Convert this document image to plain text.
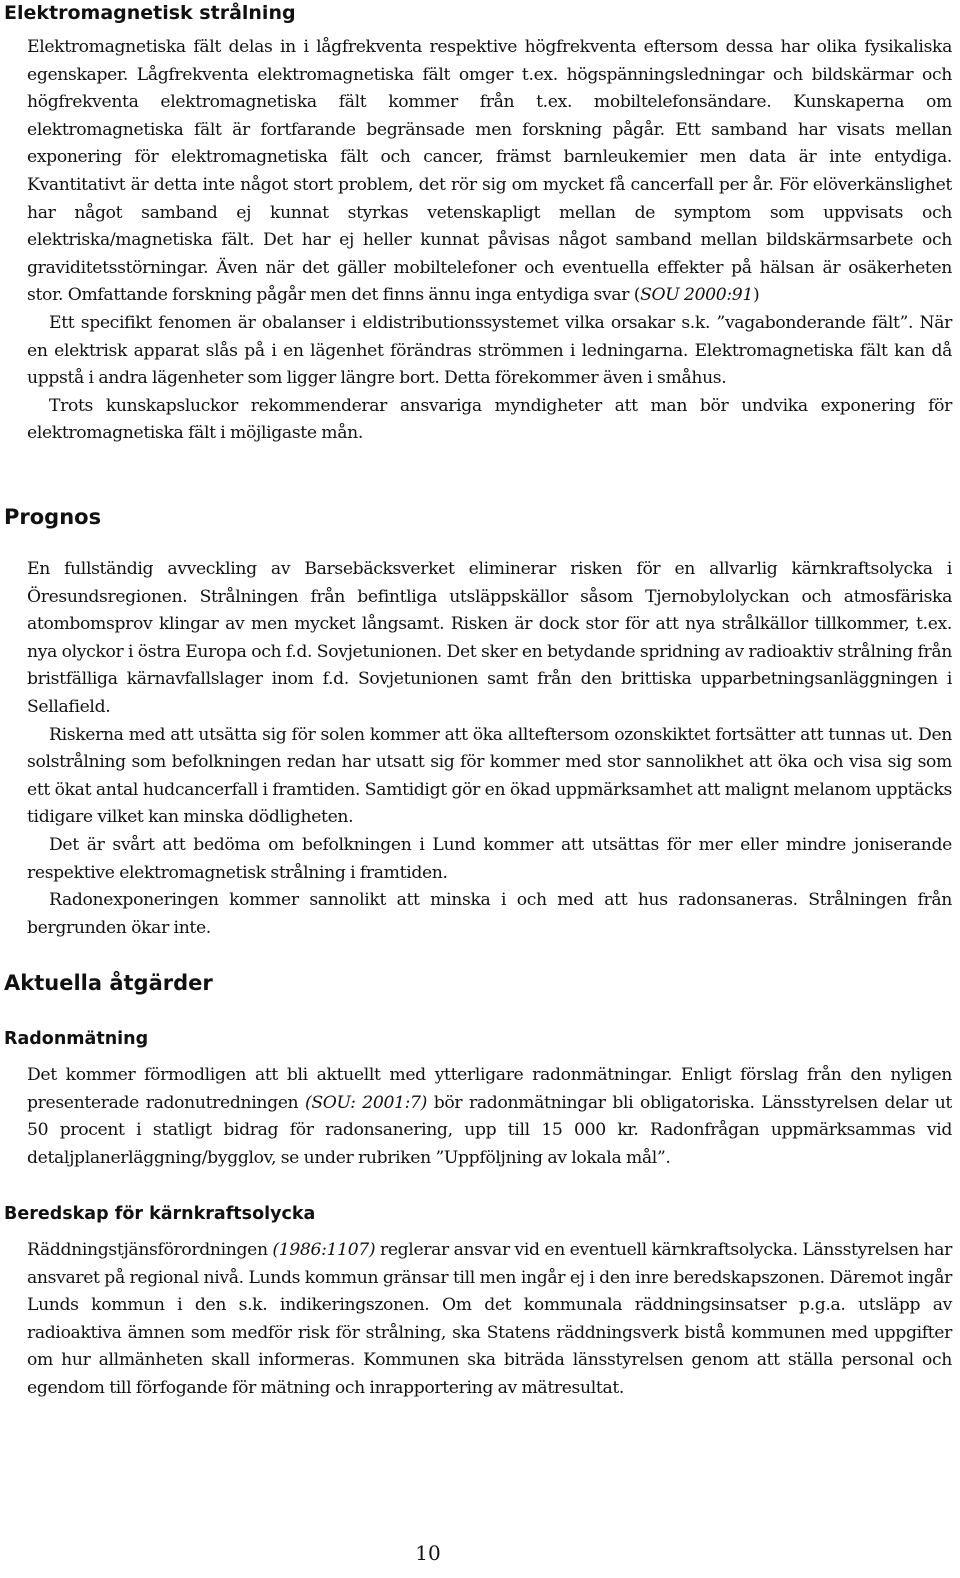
Elektromagnetisk strålning

Elektromagnetiska fält delas in i lågfrekventa respektive högfrekventa eftersom dessa har olika fysikaliska egenskaper. Lågfrekventa elektromagnetiska fält omger t.ex. högspänningsledningar och bildskärmar och högfrekventa elektromagnetiska fält kommer från t.ex. mobiltelefonsändare. Kunskaperna om elektromagnetiska fält är fortfarande begränsade men forskning pågår. Ett samband har visats mellan exponering för elektromagnetiska fält och cancer, främst barnleukemier men data är inte entydiga. Kvantitativt är detta inte något stort problem, det rör sig om mycket få cancerfall per år. För elöverkänslighet har något samband ej kunnat styrkas vetenskapligt mellan de symptom som uppvisats och elektriska/magnetiska fält. Det har ej heller kunnat påvisas något samband mellan bildskärmsarbete och graviditetsstörningar. Även när det gäller mobiltelefoner och eventuella effekter på hälsan är osäkerheten stor. Omfattande forskning pågår men det finns ännu inga entydiga svar (SOU 2000:91)

Ett specifikt fenomen är obalanser i eldistributionssystemet vilka orsakar s.k. ”vagabonderande fält”. När en elektrisk apparat slås på i en lägenhet förändras strömmen i ledningarna. Elektromagnetiska fält kan då uppstå i andra lägenheter som ligger längre bort. Detta förekommer även i småhus.

Trots kunskapsluckor rekommenderar ansvariga myndigheter att man bör undvika exponering för elektromagnetiska fält i möjligaste mån.

Prognos

En fullständig avveckling av Barsebäcksverket eliminerar risken för en allvarlig kärnkraftsolycka i Öresundsregionen. Strålningen från befintliga utsläppskällor såsom Tjernobylolyckan och atmosfäriska atombomsprov klingar av men mycket långsamt. Risken är dock stor för att nya strålkällor tillkommer, t.ex. nya olyckor i östra Europa och f.d. Sovjetunionen. Det sker en betydande spridning av radioaktiv strålning från bristfälliga kärnavfallslager inom f.d. Sovjetunionen samt från den brittiska upparbetningsanläggningen i Sellafield.

Riskerna med att utsätta sig för solen kommer att öka allteftersom ozonskiktet fortsätter att tunnas ut. Den solstrålning som befolkningen redan har utsatt sig för kommer med stor sannolikhet att öka och visa sig som ett ökat antal hudcancerfall i framtiden. Samtidigt gör en ökad uppmärksamhet att malignt melanom upptäcks tidigare vilket kan minska dödligheten.

Det är svårt att bedöma om befolkningen i Lund kommer att utsättas för mer eller mindre joniserande respektive elektromagnetisk strålning i framtiden.

Radonexponeringen kommer sannolikt att minska i och med att hus radonsaneras. Strålningen från bergrunden ökar inte.

Aktuella åtgärder
Radonmätning

Det kommer förmodligen att bli aktuellt med ytterligare radonmätningar. Enligt förslag från den nyligen presenterade radonutredningen (SOU: 2001:7) bör radonmätningar bli obligatoriska. Länsstyrelsen delar ut 50 procent i statligt bidrag för radonsanering, upp till 15 000 kr. Radonfrågan uppmärksammas vid detaljplanerläggning/bygglov, se under rubriken ”Uppföljning av lokala mål”.

Beredskap för kärnkraftsolycka

Räddningstjänsförordningen (1986:1107) reglerar ansvar vid en eventuell kärnkraftsolycka. Länsstyrelsen har ansvaret på regional nivå. Lunds kommun gränsar till men ingår ej i den inre beredskapszonen. Däremot ingår Lunds kommun i den s.k. indikeringszonen. Om det kommunala räddningsinsatser p.g.a. utsläpp av radioaktiva ämnen som medför risk för strålning, ska Statens räddningsverk bistå kommunen med uppgifter om hur allmänheten skall informeras. Kommunen ska biträda länsstyrelsen genom att ställa personal och egendom till förfogande för mätning och inrapportering av mätresultat.

10
